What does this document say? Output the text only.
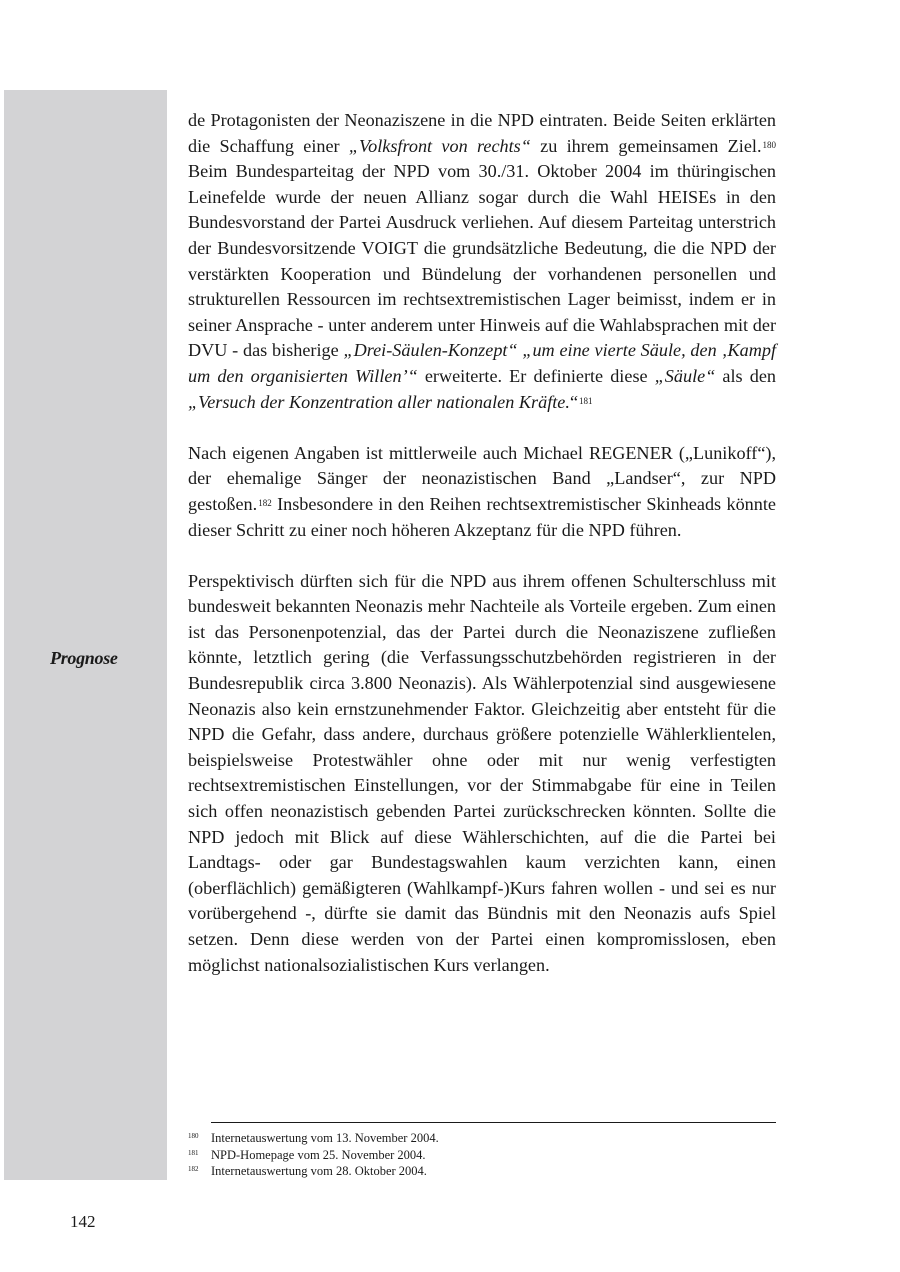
Prognose

de Protagonisten der Neonaziszene in die NPD eintraten. Beide Seiten erklärten die Schaffung einer „Volksfront von rechts“ zu ihrem gemeinsamen Ziel.$^{180}$ Beim Bundesparteitag der NPD vom 30./31. Oktober 2004 im thüringischen Leinefelde wurde der neuen Allianz sogar durch die Wahl HEISEs in den Bundesvorstand der Partei Ausdruck verliehen. Auf diesem Parteitag unterstrich der Bundesvorsitzende VOIGT die grundsätzliche Bedeutung, die die NPD der verstärkten Kooperation und Bündelung der vorhandenen personellen und strukturellen Ressourcen im rechtsextremistischen Lager beimisst, indem er in seiner Ansprache - unter anderem unter Hinweis auf die Wahlabsprachen mit der DVU - das bisherige „Drei-Säulen-Konzept“ „um eine vierte Säule, den ‚Kampf um den organisierten Willen’“ erweiterte. Er definierte diese „Säule“ als den „Versuch der Konzentration aller nationalen Kräfte.“$^{181}$

Nach eigenen Angaben ist mittlerweile auch Michael REGENER („Lunikoff“), der ehemalige Sänger der neonazistischen Band „Landser“, zur NPD gestoßen.$^{182}$ Insbesondere in den Reihen rechtsextremistischer Skinheads könnte dieser Schritt zu einer noch höheren Akzeptanz für die NPD führen.

Perspektivisch dürften sich für die NPD aus ihrem offenen Schulterschluss mit bundesweit bekannten Neonazis mehr Nachteile als Vorteile ergeben. Zum einen ist das Personenpotenzial, das der Partei durch die Neonaziszene zufließen könnte, letztlich gering (die Verfassungsschutzbehörden registrieren in der Bundesrepublik circa 3.800 Neonazis). Als Wählerpotenzial sind ausgewiesene Neonazis also kein ernstzunehmender Faktor. Gleichzeitig aber entsteht für die NPD die Gefahr, dass andere, durchaus größere potenzielle Wählerklientelen, beispielsweise Protestwähler ohne oder mit nur wenig verfestigten rechtsextremistischen Einstellungen, vor der Stimmabgabe für eine in Teilen sich offen neonazistisch gebenden Partei zurückschrecken könnten. Sollte die NPD jedoch mit Blick auf diese Wählerschichten, auf die die Partei bei Landtags- oder gar Bundestagswahlen kaum verzichten kann, einen (oberflächlich) gemäßigteren (Wahlkampf-)Kurs fahren wollen - und sei es nur vorübergehend -, dürfte sie damit das Bündnis mit den Neonazis aufs Spiel setzen. Denn diese werden von der Partei einen kompromisslosen, eben möglichst nationalsozialistischen Kurs verlangen.

180	Internetauswertung vom 13. November 2004.
181	NPD-Homepage vom 25. November 2004.
182	Internetauswertung vom 28. Oktober 2004.
142
